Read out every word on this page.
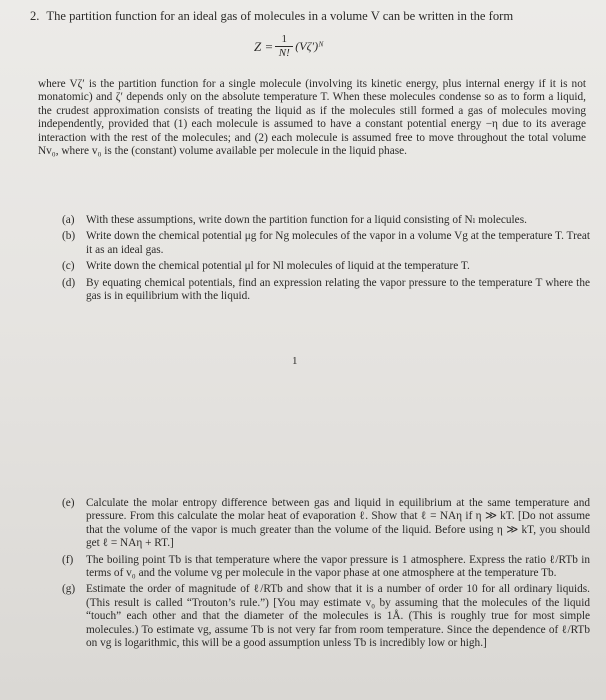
2. The partition function for an ideal gas of molecules in a volume V can be written in the form
$Z = \frac{1}{N!}$ (Vζ′)ᴺ
where Vζ′ is the partition function for a single molecule (involving its kinetic energy, plus internal energy if it is not monatomic) and ζ′ depends only on the absolute temperature T. When these molecules condense so as to form a liquid, the crudest approximation consists of treating the liquid as if the molecules still formed a gas of molecules moving independently, provided that (1) each molecule is assumed to have a constant potential energy −η due to its average interaction with the rest of the molecules; and (2) each molecule is assumed free to move throughout the total volume Nv₀, where v₀ is the (constant) volume available per molecule in the liquid phase.
(a) With these assumptions, write down the partition function for a liquid consisting of Nₗ molecules.
(b) Write down the chemical potential μg for Ng molecules of the vapor in a volume Vg at the temperature T. Treat it as an ideal gas.
(c) Write down the chemical potential μl for Nl molecules of liquid at the temperature T.
(d) By equating chemical potentials, find an expression relating the vapor pressure to the temperature T where the gas is in equilibrium with the liquid.
1
(e) Calculate the molar entropy difference between gas and liquid in equilibrium at the same temperature and pressure. From this calculate the molar heat of evaporation ℓ. Show that ℓ = NAη if η ≫ kT. [Do not assume that the volume of the vapor is much greater than the volume of the liquid. Before using η ≫ kT, you should get ℓ = NAη + RT.]
(f) The boiling point Tb is that temperature where the vapor pressure is 1 atmosphere. Express the ratio ℓ/RTb in terms of v₀ and the volume vg per molecule in the vapor phase at one atmosphere at the temperature Tb.
(g) Estimate the order of magnitude of ℓ/RTb and show that it is a number of order 10 for all ordinary liquids. (This result is called “Trouton’s rule.”) [You may estimate v₀ by assuming that the molecules of the liquid “touch” each other and that the diameter of the molecules is 1Å. (This is roughly true for most simple molecules.) To estimate vg, assume Tb is not very far from room temperature. Since the dependence of ℓ/RTb on vg is logarithmic, this will be a good assumption unless Tb is incredibly low or high.]
